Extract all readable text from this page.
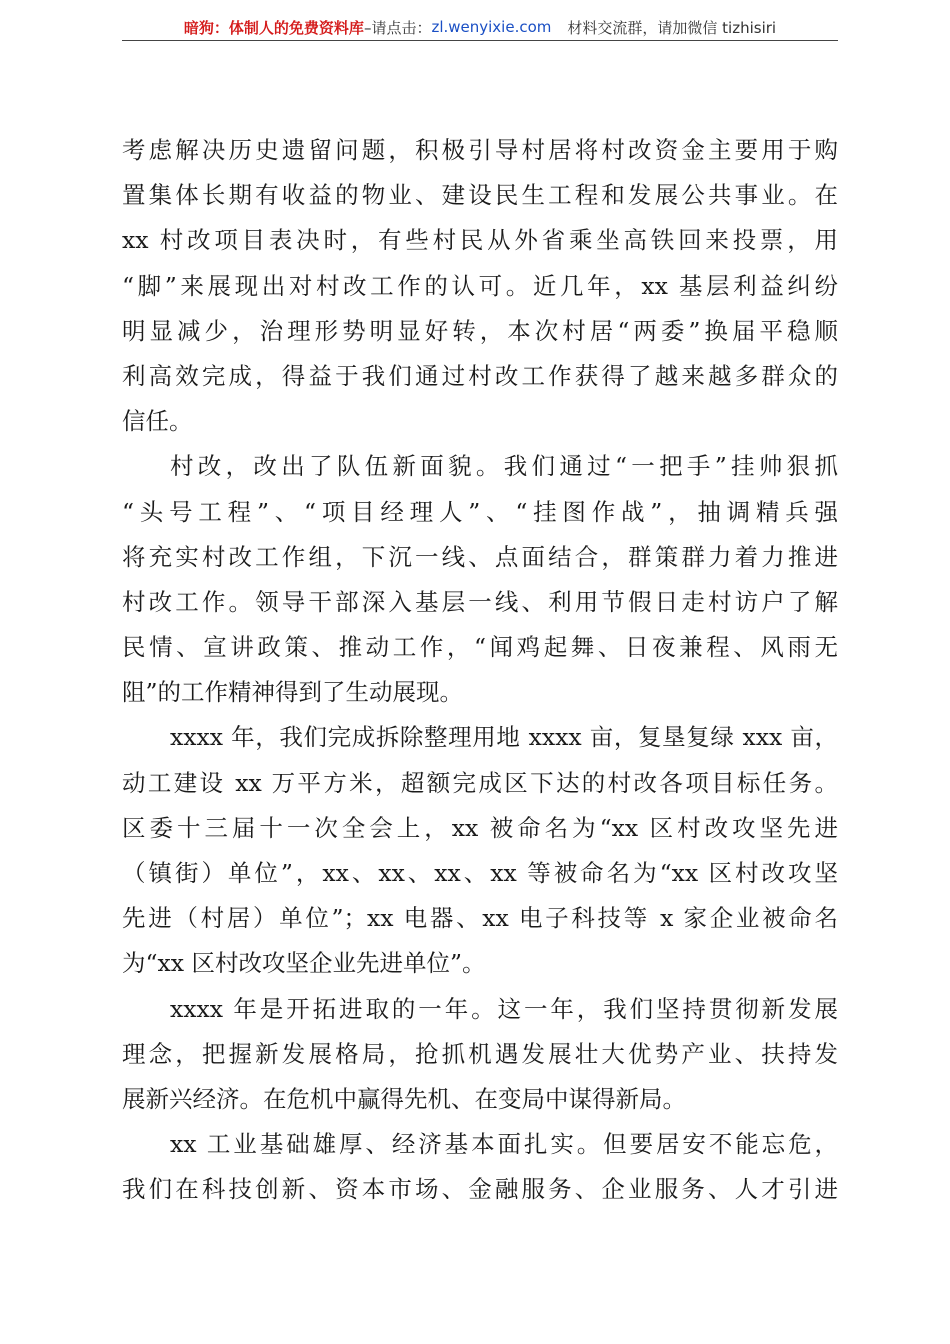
暗狗：体制人的免费资料库 –请点击： zl.wenyixie.com 材料交流群，请加微信 tizhisiri
考虑解决历史遗留问题，积极引导村居将村改资金主要用于购
置集体长期有收益的物业、建设民生工程和发展公共事业。在
xx 村改项目表决时，有些村民从外省乘坐高铁回来投票，用
“脚”来展现出对村改工作的认可。近几年，xx 基层利益纠纷
明显减少，治理形势明显好转，本次村居“两委”换届平稳顺
利高效完成，得益于我们通过村改工作获得了越来越多群众的
信任。
村改，改出了队伍新面貌。我们通过“一把手”挂帅狠抓
“头号工程”、“项目经理人”、“挂图作战”，抽调精兵强
将充实村改工作组，下沉一线、点面结合，群策群力着力推进
村改工作。领导干部深入基层一线、利用节假日走村访户了解
民情、宣讲政策、推动工作，“闻鸡起舞、日夜兼程、风雨无
阻”的工作精神得到了生动展现。
xxxx 年，我们完成拆除整理用地 xxxx 亩，复垦复绿 xxx 亩，
动工建设 xx 万平方米，超额完成区下达的村改各项目标任务。
区委十三届十一次全会上，xx 被命名为“xx 区村改攻坚先进
（镇街）单位”，xx、xx、xx、xx 等被命名为“xx 区村改攻坚
先进（村居）单位”；xx 电器、xx 电子科技等 x 家企业被命名
为“xx 区村改攻坚企业先进单位”。
xxxx 年是开拓进取的一年。这一年，我们坚持贯彻新发展
理念，把握新发展格局，抢抓机遇发展壮大优势产业、扶持发
展新兴经济。在危机中赢得先机、在变局中谋得新局。
xx 工业基础雄厚、经济基本面扎实。但要居安不能忘危，
我们在科技创新、资本市场、金融服务、企业服务、人才引进
